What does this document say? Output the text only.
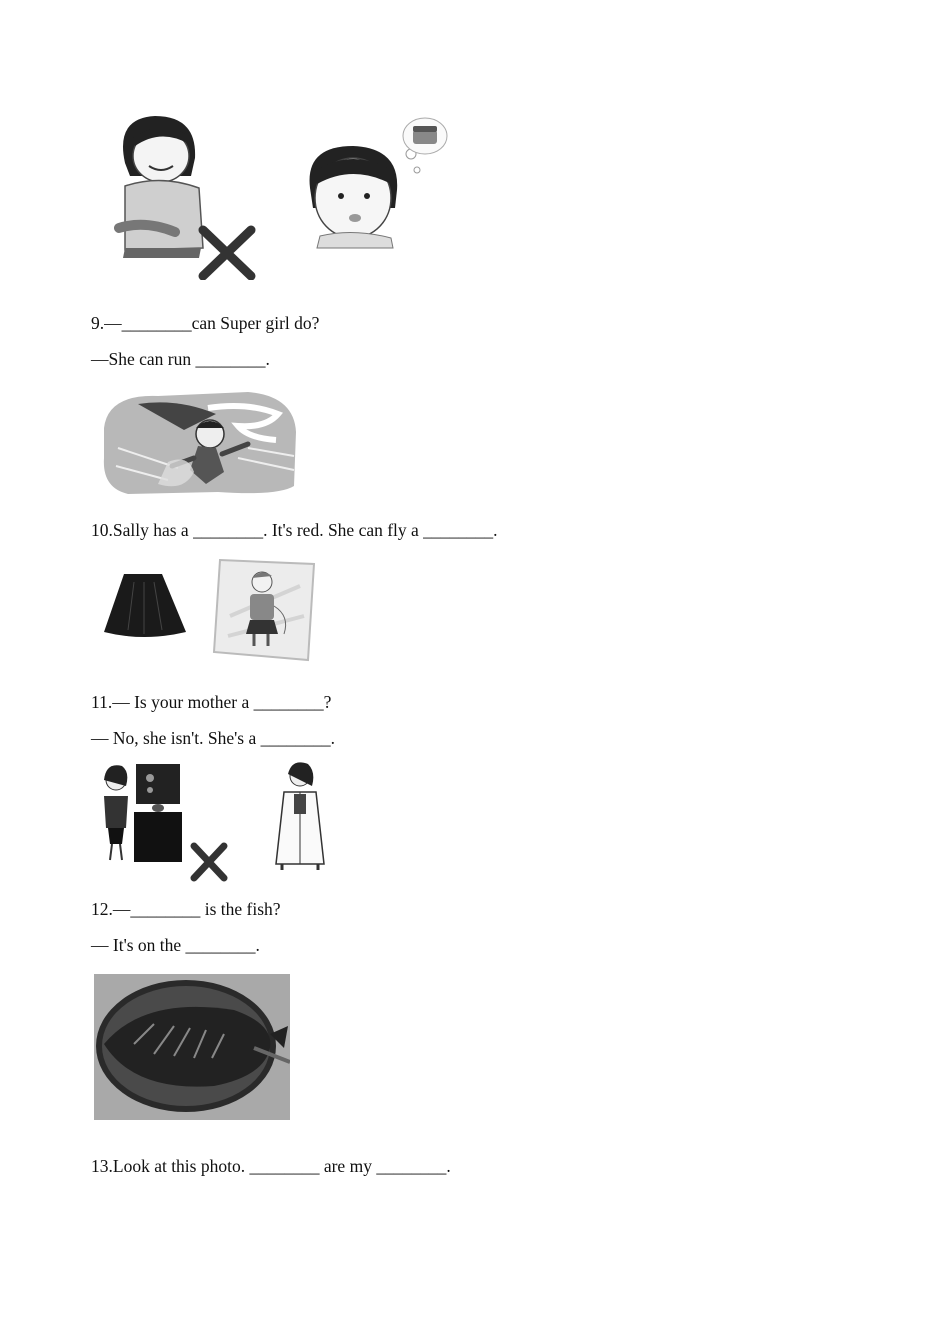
9.—________can Super girl do?
—She can run ________.
10.Sally has a ________. It's red. She can fly a ________.
11.— Is your mother a ________?
— No, she isn't. She's a ________.
12.—________ is the fish?
— It's on the ________.
13.Look at this photo. ________ are my ________.
